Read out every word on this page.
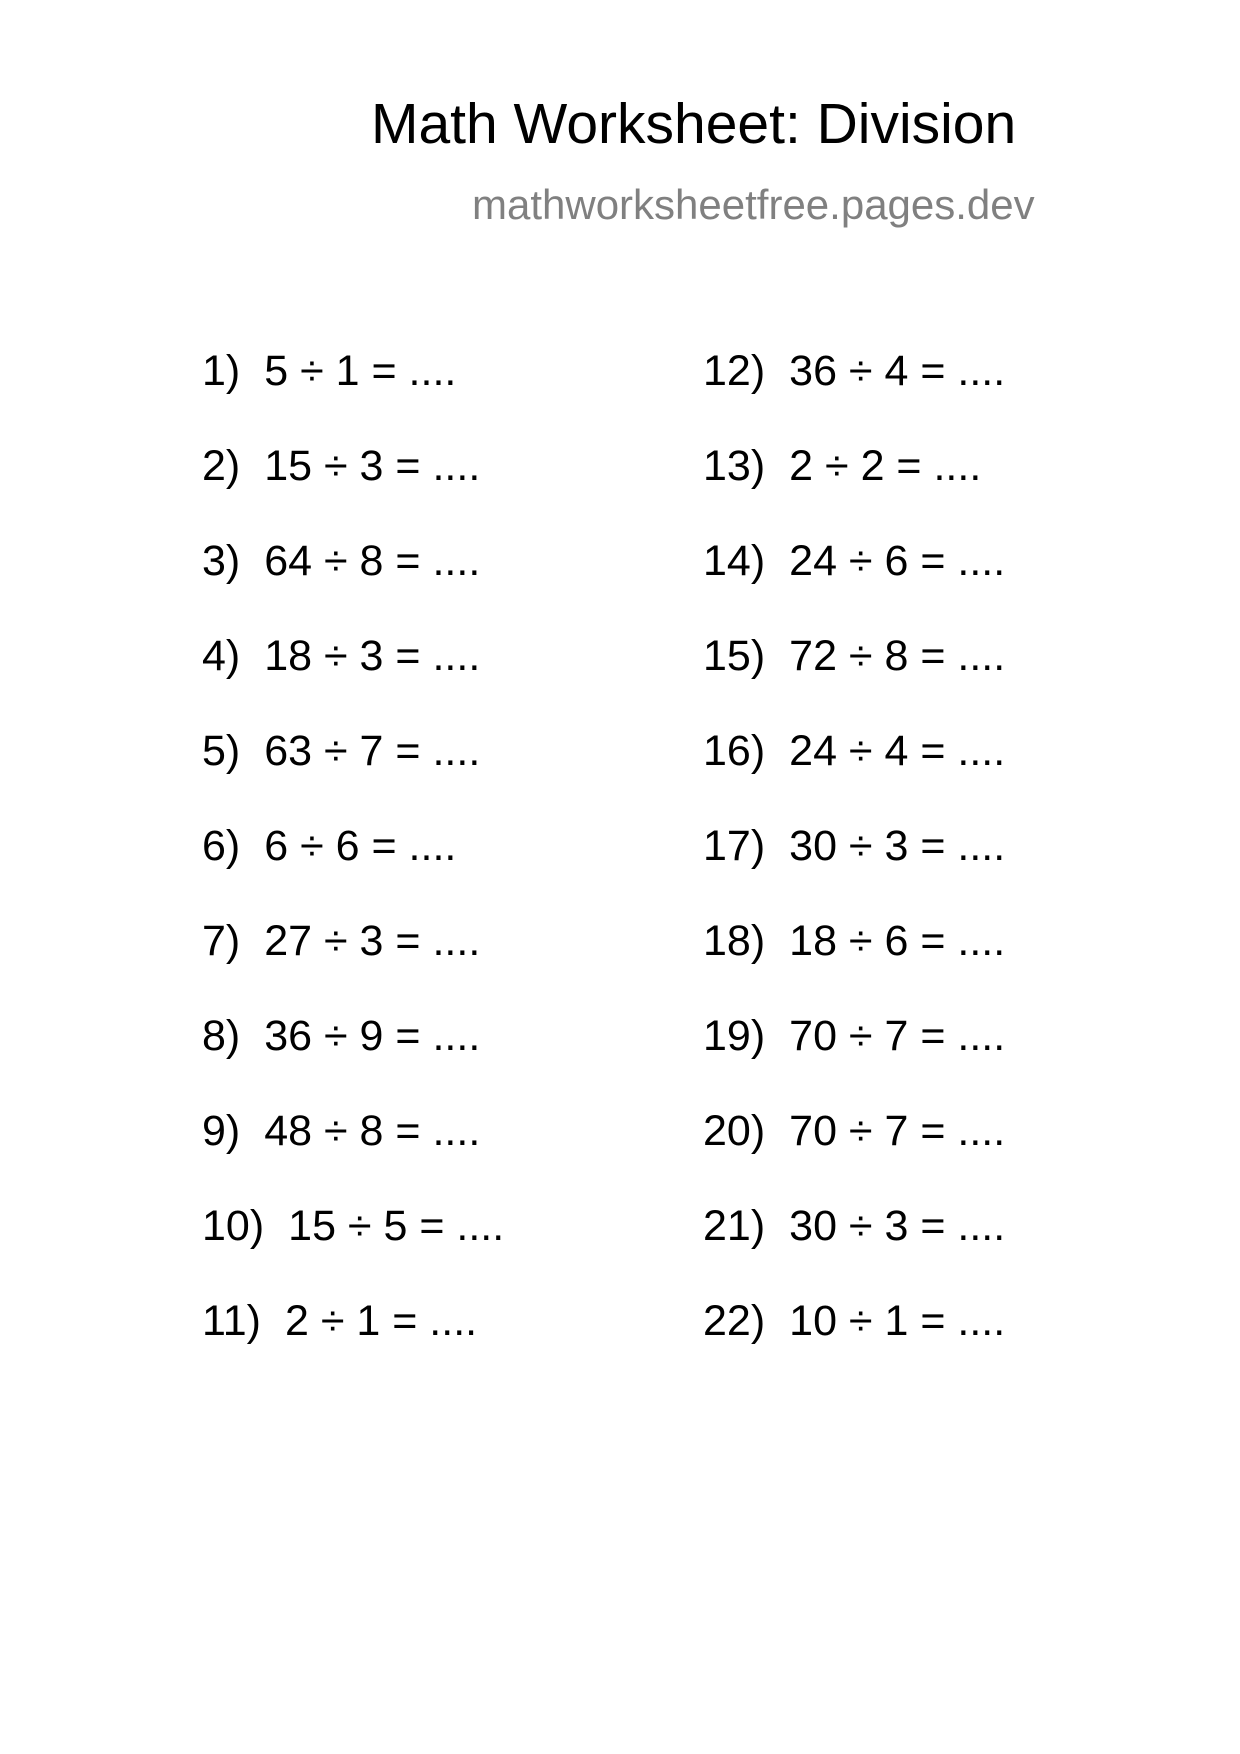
Math Worksheet: Division
mathworksheetfree.pages.dev
1) 5 ÷ 1 = ....
2) 15 ÷ 3 = ....
3) 64 ÷ 8 = ....
4) 18 ÷ 3 = ....
5) 63 ÷ 7 = ....
6) 6 ÷ 6 = ....
7) 27 ÷ 3 = ....
8) 36 ÷ 9 = ....
9) 48 ÷ 8 = ....
10) 15 ÷ 5 = ....
11) 2 ÷ 1 = ....
12) 36 ÷ 4 = ....
13) 2 ÷ 2 = ....
14) 24 ÷ 6 = ....
15) 72 ÷ 8 = ....
16) 24 ÷ 4 = ....
17) 30 ÷ 3 = ....
18) 18 ÷ 6 = ....
19) 70 ÷ 7 = ....
20) 70 ÷ 7 = ....
21) 30 ÷ 3 = ....
22) 10 ÷ 1 = ....
